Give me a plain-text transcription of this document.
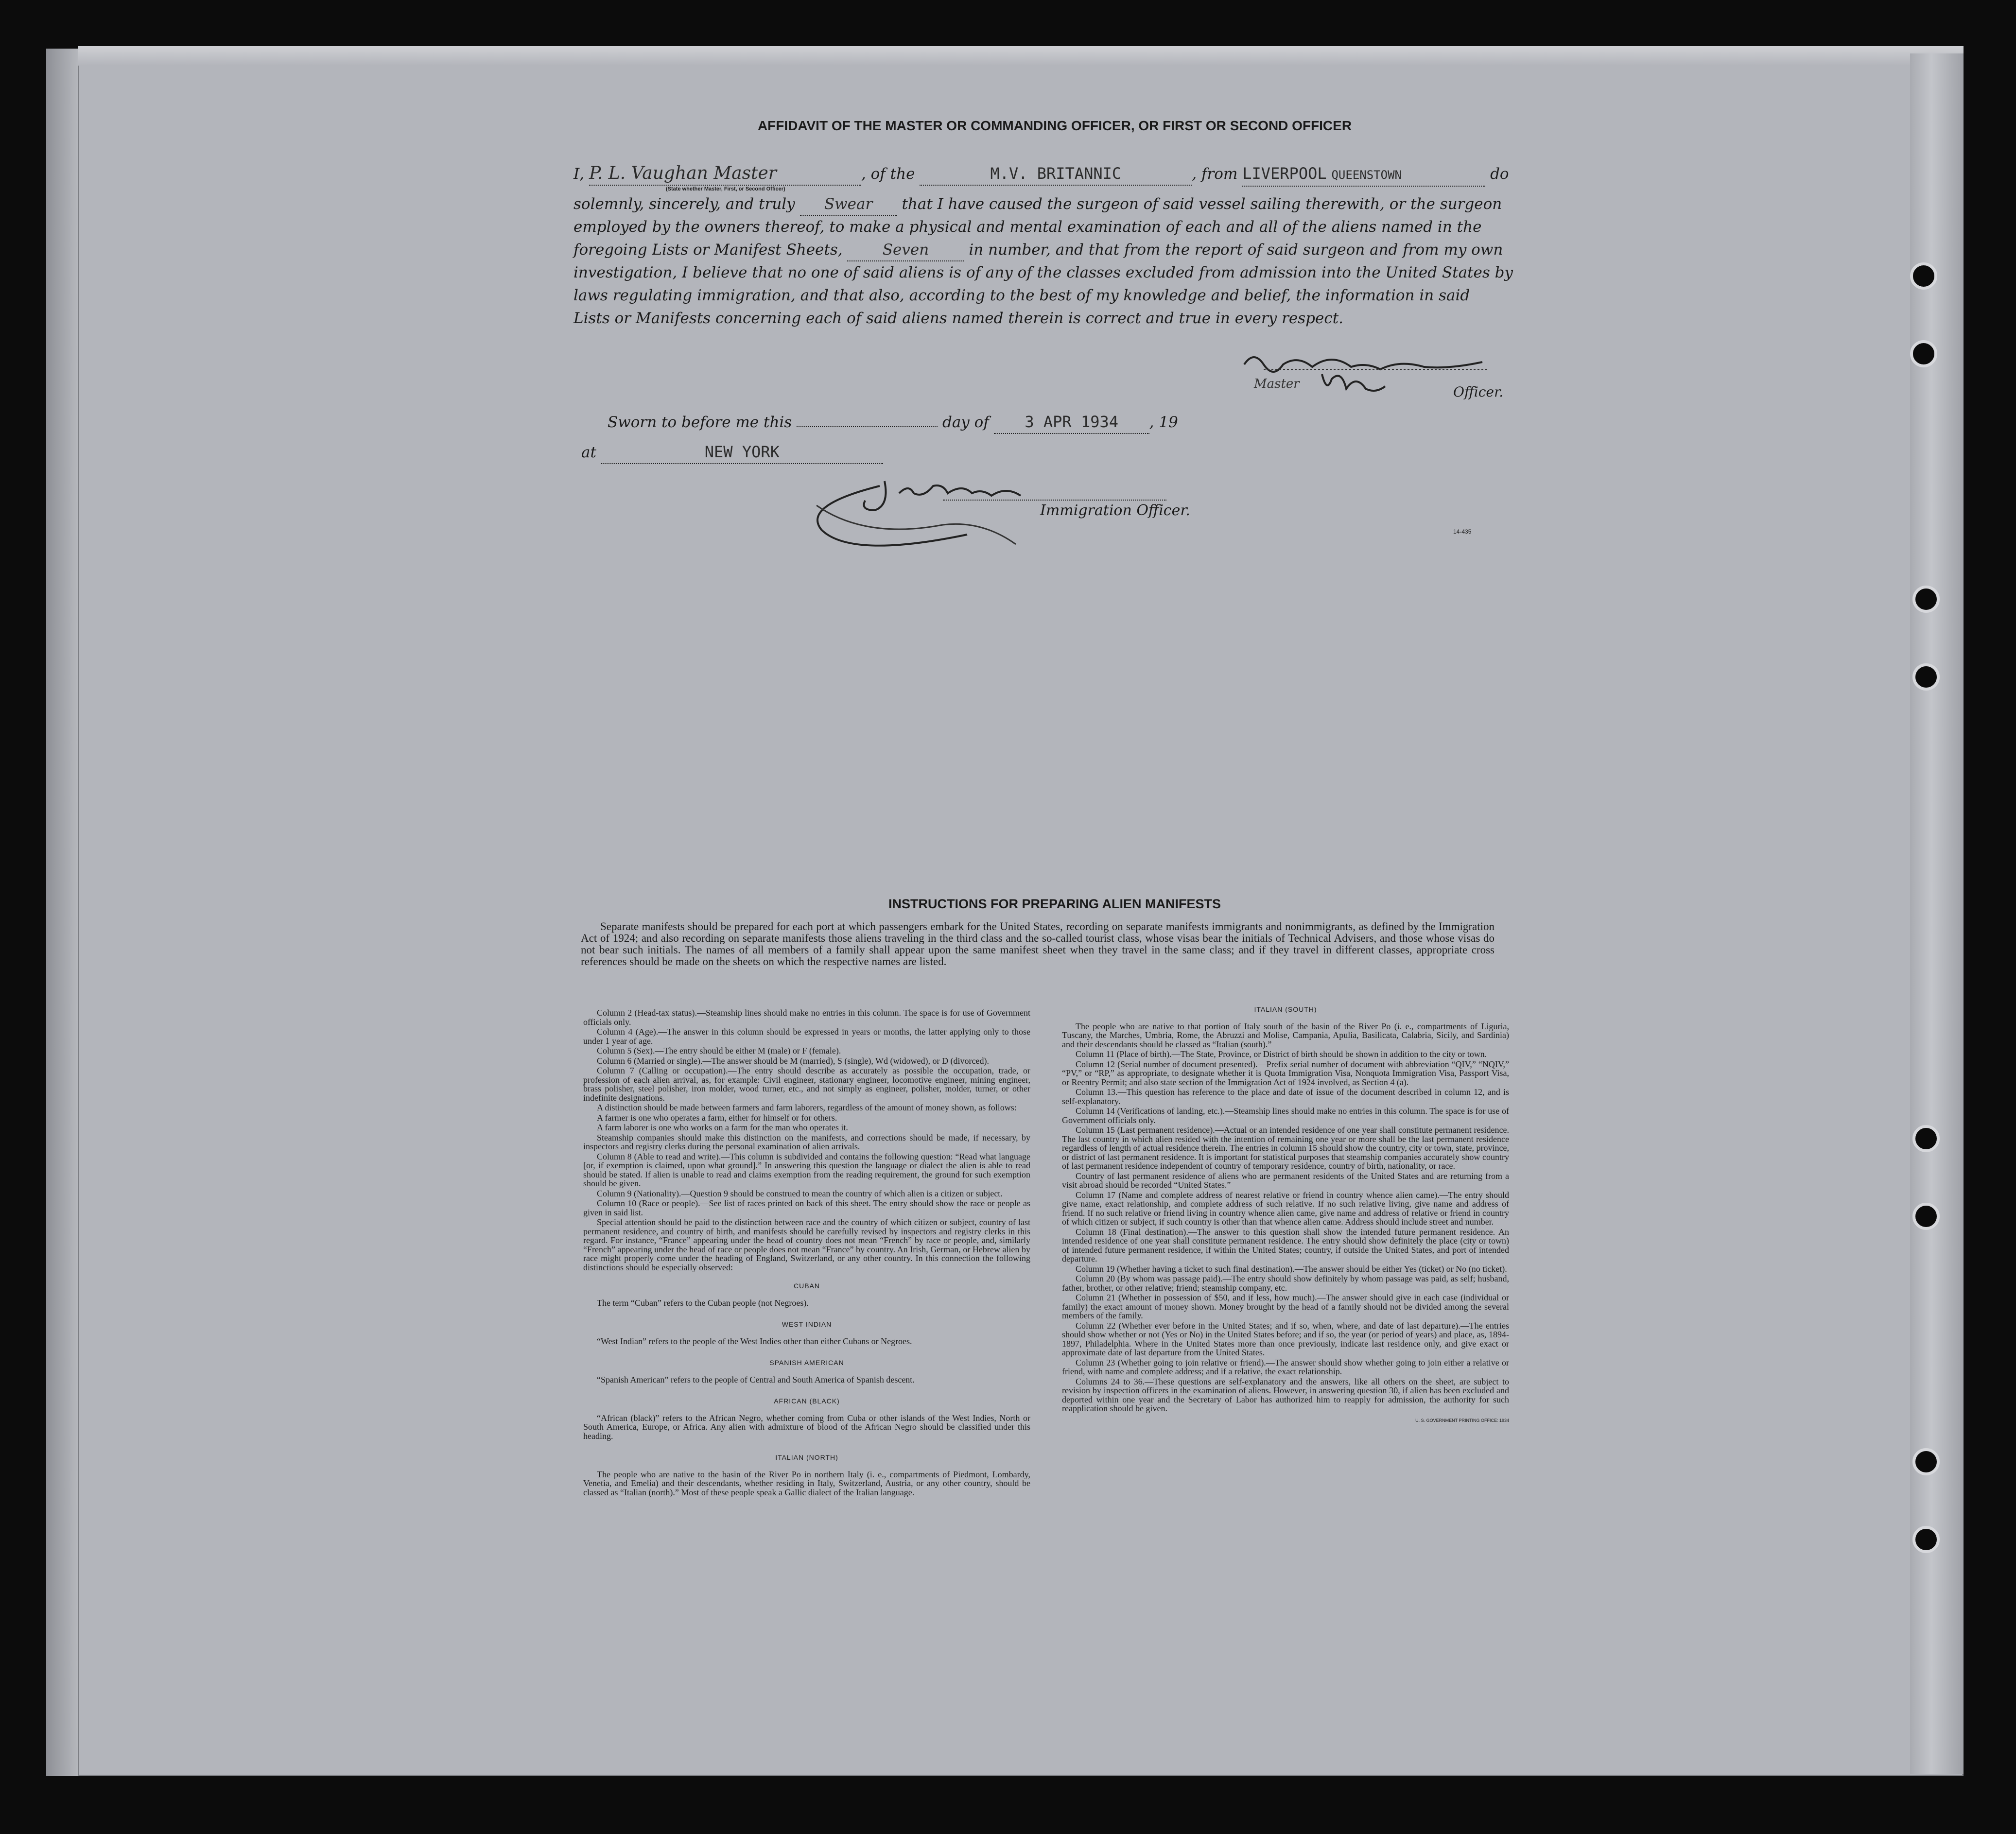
AFFIDAVIT OF THE MASTER OR COMMANDING OFFICER, OR FIRST OR SECOND OFFICER
I, P. L. Vaughan Master	, of the	M.V. BRITANNIC	, from LIVERPOOL QUEENSTOWN	do
(State whether Master, First, or Second Officer)
solemnly, sincerely, and truly Swear that I have caused the surgeon of said vessel sailing therewith, or the surgeon
employed by the owners thereof, to make a physical and mental examination of each and all of the aliens named in the
foregoing Lists or Manifest Sheets,	Seven	in number, and that from the report of said surgeon and from my own
investigation, I believe that no one of said aliens is of any of the classes excluded from admission into the United States by
laws regulating immigration, and that also, according to the best of my knowledge and belief, the information in said
Lists or Manifests concerning each of said aliens named therein is correct and true in every respect.
Master	Officer.
Sworn to before me this	day of 3 APR 1934 , 19
at	NEW YORK
Immigration Officer.
14-435
INSTRUCTIONS FOR PREPARING ALIEN MANIFESTS
Separate manifests should be prepared for each port at which passengers embark for the United States, recording on separate manifests immigrants and nonimmigrants, as defined by the Immigration Act of 1924; and also recording on separate manifests those aliens traveling in the third class and the so-called tourist class, whose visas bear the initials of Technical Advisers, and those whose visas do not bear such initials. The names of all members of a family shall appear upon the same manifest sheet when they travel in the same class; and if they travel in different classes, appropriate cross references should be made on the sheets on which the respective names are listed.

Column 2 (Head-tax status).—Steamship lines should make no entries in this column. The space is for use of Government officials only.

Column 4 (Age).—The answer in this column should be expressed in years or months, the latter applying only to those under 1 year of age.

Column 5 (Sex).—The entry should be either M (male) or F (female).

Column 6 (Married or single).—The answer should be M (married), S (single), Wd (widowed), or D (divorced).

Column 7 (Calling or occupation).—The entry should describe as accurately as possible the occupation, trade, or profession of each alien arrival, as, for example: Civil engineer, stationary engineer, locomotive engineer, mining engineer, brass polisher, steel polisher, iron molder, wood turner, etc., and not simply as engineer, polisher, molder, turner, or other indefinite designations.

A distinction should be made between farmers and farm laborers, regardless of the amount of money shown, as follows:

A farmer is one who operates a farm, either for himself or for others.

A farm laborer is one who works on a farm for the man who operates it.

Steamship companies should make this distinction on the manifests, and corrections should be made, if necessary, by inspectors and registry clerks during the personal examination of alien arrivals.

Column 8 (Able to read and write).—This column is subdivided and contains the following question: “Read what language [or, if exemption is claimed, upon what ground].” In answering this question the language or dialect the alien is able to read should be stated. If alien is unable to read and claims exemption from the reading requirement, the ground for such exemption should be given.

Column 9 (Nationality).—Question 9 should be construed to mean the country of which alien is a citizen or subject.

Column 10 (Race or people).—See list of races printed on back of this sheet. The entry should show the race or people as given in said list.

Special attention should be paid to the distinction between race and the country of which citizen or subject, country of last permanent residence, and country of birth, and manifests should be carefully revised by inspectors and registry clerks in this regard. For instance, “France” appearing under the head of country does not mean “French” by race or people, and, similarly “French” appearing under the head of race or people does not mean “France” by country. An Irish, German, or Hebrew alien by race might properly come under the heading of England, Switzerland, or any other country. In this connection the following distinctions should be especially observed:

CUBAN

The term “Cuban” refers to the Cuban people (not Negroes).

WEST INDIAN

“West Indian” refers to the people of the West Indies other than either Cubans or Negroes.

SPANISH AMERICAN

“Spanish American” refers to the people of Central and South America of Spanish descent.

AFRICAN (BLACK)

“African (black)” refers to the African Negro, whether coming from Cuba or other islands of the West Indies, North or South America, Europe, or Africa. Any alien with admixture of blood of the African Negro should be classified under this heading.

ITALIAN (NORTH)

The people who are native to the basin of the River Po in northern Italy (i. e., compartments of Piedmont, Lombardy, Venetia, and Emelia) and their descendants, whether residing in Italy, Switzerland, Austria, or any other country, should be classed as “Italian (north).” Most of these people speak a Gallic dialect of the Italian language.

ITALIAN (SOUTH)

The people who are native to that portion of Italy south of the basin of the River Po (i. e., compartments of Liguria, Tuscany, the Marches, Umbria, Rome, the Abruzzi and Molise, Campania, Apulia, Basilicata, Calabria, Sicily, and Sardinia) and their descendants should be classed as “Italian (south).”

Column 11 (Place of birth).—The State, Province, or District of birth should be shown in addition to the city or town.

Column 12 (Serial number of document presented).—Prefix serial number of document with abbreviation “QIV,” “NQIV,” “PV,” or “RP,” as appropriate, to designate whether it is Quota Immigration Visa, Nonquota Immigration Visa, Passport Visa, or Reentry Permit; and also state section of the Immigration Act of 1924 involved, as Section 4 (a).

Column 13.—This question has reference to the place and date of issue of the document described in column 12, and is self-explanatory.

Column 14 (Verifications of landing, etc.).—Steamship lines should make no entries in this column. The space is for use of Government officials only.

Column 15 (Last permanent residence).—Actual or an intended residence of one year shall constitute permanent residence. The last country in which alien resided with the intention of remaining one year or more shall be the last permanent residence regardless of length of actual residence therein. The entries in column 15 should show the country, city or town, state, province, or district of last permanent residence. It is important for statistical purposes that steamship companies accurately show country of last permanent residence independent of country of temporary residence, country of birth, nationality, or race.

Country of last permanent residence of aliens who are permanent residents of the United States and are returning from a visit abroad should be recorded “United States.”

Column 17 (Name and complete address of nearest relative or friend in country whence alien came).—The entry should give name, exact relationship, and complete address of such relative. If no such relative living, give name and address of friend. If no such relative or friend living in country whence alien came, give name and address of relative or friend in country of which citizen or subject, if such country is other than that whence alien came. Address should include street and number.

Column 18 (Final destination).—The answer to this question shall show the intended future permanent residence. An intended residence of one year shall constitute permanent residence. The entry should show definitely the place (city or town) of intended future permanent residence, if within the United States; country, if outside the United States, and port of intended departure.

Column 19 (Whether having a ticket to such final destination).—The answer should be either Yes (ticket) or No (no ticket).

Column 20 (By whom was passage paid).—The entry should show definitely by whom passage was paid, as self; husband, father, brother, or other relative; friend; steamship company, etc.

Column 21 (Whether in possession of $50, and if less, how much).—The answer should give in each case (individual or family) the exact amount of money shown. Money brought by the head of a family should not be divided among the several members of the family.

Column 22 (Whether ever before in the United States; and if so, when, where, and date of last departure).—The entries should show whether or not (Yes or No) in the United States before; and if so, the year (or period of years) and place, as, 1894-1897, Philadelphia. Where in the United States more than once previously, indicate last residence only, and give exact or approximate date of last departure from the United States.

Column 23 (Whether going to join relative or friend).—The answer should show whether going to join either a relative or friend, with name and complete address; and if a relative, the exact relationship.

Columns 24 to 36.—These questions are self-explanatory and the answers, like all others on the sheet, are subject to revision by inspection officers in the examination of aliens. However, in answering question 30, if alien has been excluded and deported within one year and the Secretary of Labor has authorized him to reapply for admission, the authority for such reapplication should be given.

U. S. GOVERNMENT PRINTING OFFICE: 1934
